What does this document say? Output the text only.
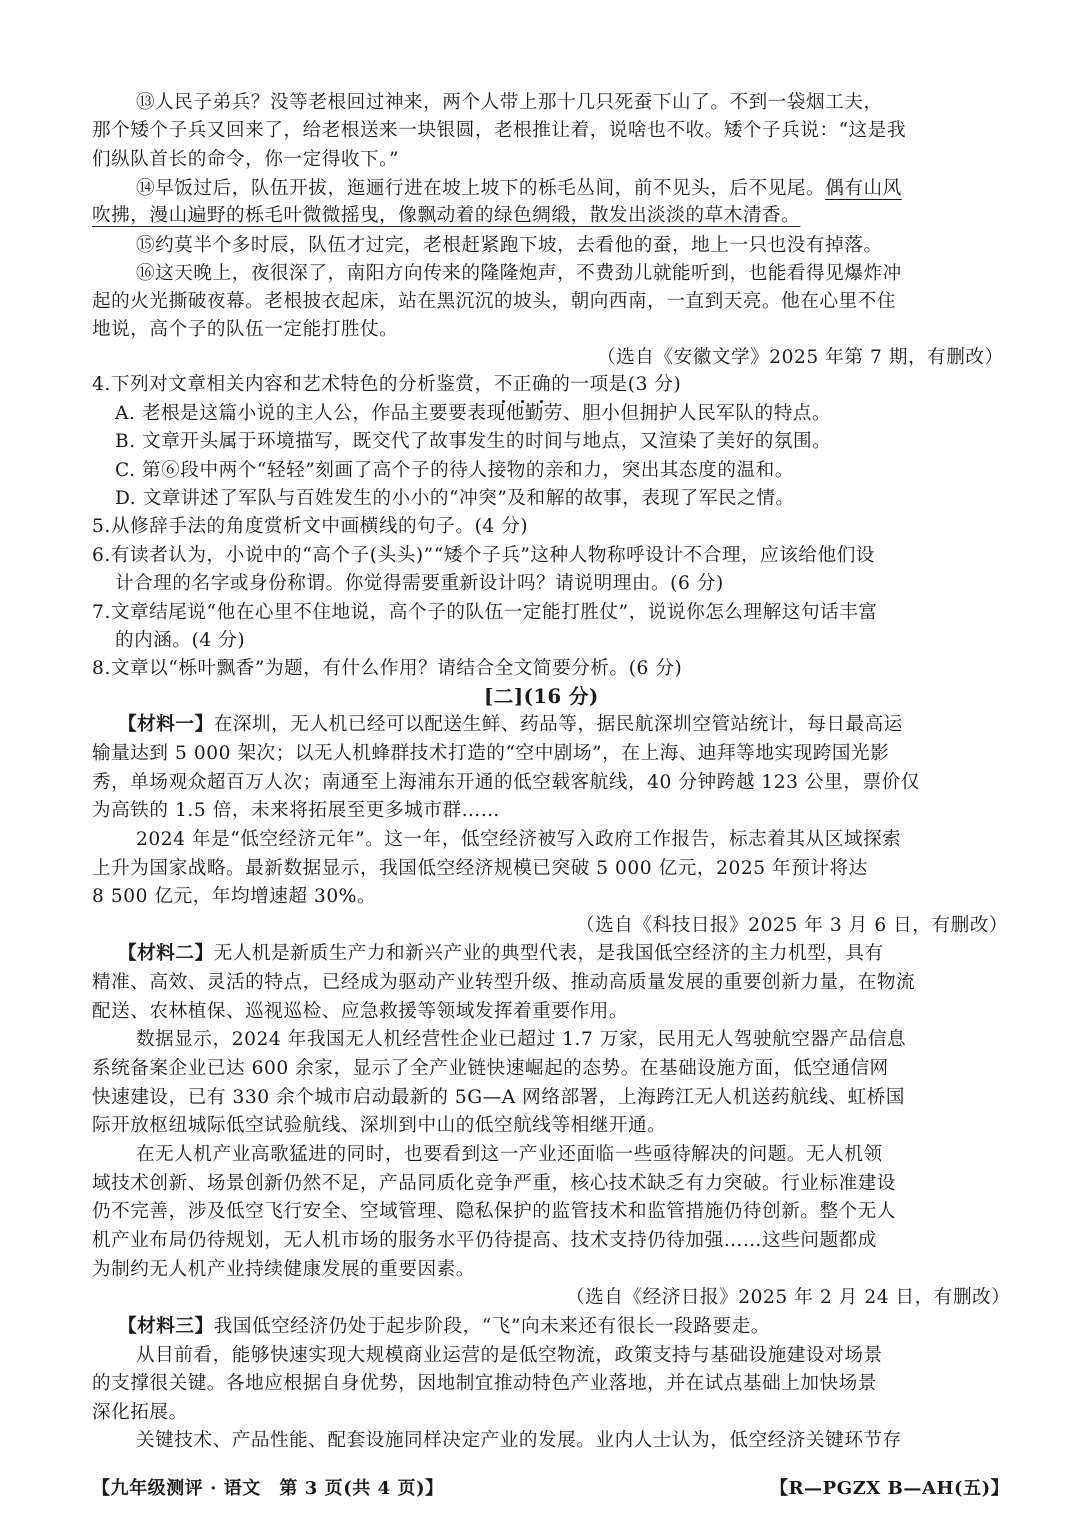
⑬人民子弟兵？没等老根回过神来，两个人带上那十几只死蚕下山了。不到一袋烟工夫，

那个矮个子兵又回来了，给老根送来一块银圆，老根推让着，说啥也不收。矮个子兵说：“这是我

们纵队首长的命令，你一定得收下。”

⑭早饭过后，队伍开拔，迤逦行进在坡上坡下的栎毛丛间，前不见头，后不见尾。偶有山风

吹拂，漫山遍野的栎毛叶微微摇曳，像飘动着的绿色绸缎，散发出淡淡的草木清香。

⑮约莫半个多时辰，队伍才过完，老根赶紧跑下坡，去看他的蚕，地上一只也没有掉落。

⑯这天晚上，夜很深了，南阳方向传来的隆隆炮声，不费劲儿就能听到，也能看得见爆炸冲

起的火光撕破夜幕。老根披衣起床，站在黑沉沉的坡头，朝向西南，一直到天亮。他在心里不住

地说，高个子的队伍一定能打胜仗。

（选自《安徽文学》2025 年第 7 期，有删改）

4.下列对文章相关内容和艺术特色的分析鉴赏，不正确的一项是(3 分)

A. 老根是这篇小说的主人公，作品主要要表现他勤劳、胆小但拥护人民军队的特点。

B. 文章开头属于环境描写，既交代了故事发生的时间与地点，又渲染了美好的氛围。

C. 第⑥段中两个“轻轻”刻画了高个子的待人接物的亲和力，突出其态度的温和。

D. 文章讲述了军队与百姓发生的小小的“冲突”及和解的故事，表现了军民之情。

5.从修辞手法的角度赏析文中画横线的句子。(4 分)

6.有读者认为，小说中的“高个子(头头)”“矮个子兵”这种人物称呼设计不合理，应该给他们设

计合理的名字或身份称谓。你觉得需要重新设计吗？请说明理由。(6 分)

7.文章结尾说“他在心里不住地说，高个子的队伍一定能打胜仗”，说说你怎么理解这句话丰富

的内涵。(4 分)

8.文章以“栎叶飘香”为题，有什么作用？请结合全文简要分析。(6 分)

[二](16 分)

【材料一】在深圳，无人机已经可以配送生鲜、药品等，据民航深圳空管站统计，每日最高运

输量达到 5 000 架次；以无人机蜂群技术打造的“空中剧场”，在上海、迪拜等地实现跨国光影

秀，单场观众超百万人次；南通至上海浦东开通的低空载客航线，40 分钟跨越 123 公里，票价仅

为高铁的 1.5 倍，未来将拓展至更多城市群……

2024 年是“低空经济元年”。这一年，低空经济被写入政府工作报告，标志着其从区域探索

上升为国家战略。最新数据显示，我国低空经济规模已突破 5 000 亿元，2025 年预计将达

8 500 亿元，年均增速超 30%。

（选自《科技日报》2025 年 3 月 6 日，有删改）

【材料二】无人机是新质生产力和新兴产业的典型代表，是我国低空经济的主力机型，具有

精准、高效、灵活的特点，已经成为驱动产业转型升级、推动高质量发展的重要创新力量，在物流

配送、农林植保、巡视巡检、应急救援等领域发挥着重要作用。

数据显示，2024 年我国无人机经营性企业已超过 1.7 万家，民用无人驾驶航空器产品信息

系统备案企业已达 600 余家，显示了全产业链快速崛起的态势。在基础设施方面，低空通信网

快速建设，已有 330 余个城市启动最新的 5G—A 网络部署，上海跨江无人机送药航线、虹桥国

际开放枢纽城际低空试验航线、深圳到中山的低空航线等相继开通。

在无人机产业高歌猛进的同时，也要看到这一产业还面临一些亟待解决的问题。无人机领

域技术创新、场景创新仍然不足，产品同质化竞争严重，核心技术缺乏有力突破。行业标准建设

仍不完善，涉及低空飞行安全、空域管理、隐私保护的监管技术和监管措施仍待创新。整个无人

机产业布局仍待规划，无人机市场的服务水平仍待提高、技术支持仍待加强……这些问题都成

为制约无人机产业持续健康发展的重要因素。

（选自《经济日报》2025 年 2 月 24 日，有删改）

【材料三】我国低空经济仍处于起步阶段，“飞”向未来还有很长一段路要走。

从目前看，能够快速实现大规模商业运营的是低空物流，政策支持与基础设施建设对场景

的支撑很关键。各地应根据自身优势，因地制宜推动特色产业落地，并在试点基础上加快场景

深化拓展。

关键技术、产品性能、配套设施同样决定产业的发展。业内人士认为，低空经济关键环节存

【九年级测评 · 语文　第 3 页(共 4 页)】	【R—PGZX B—AH(五)】
